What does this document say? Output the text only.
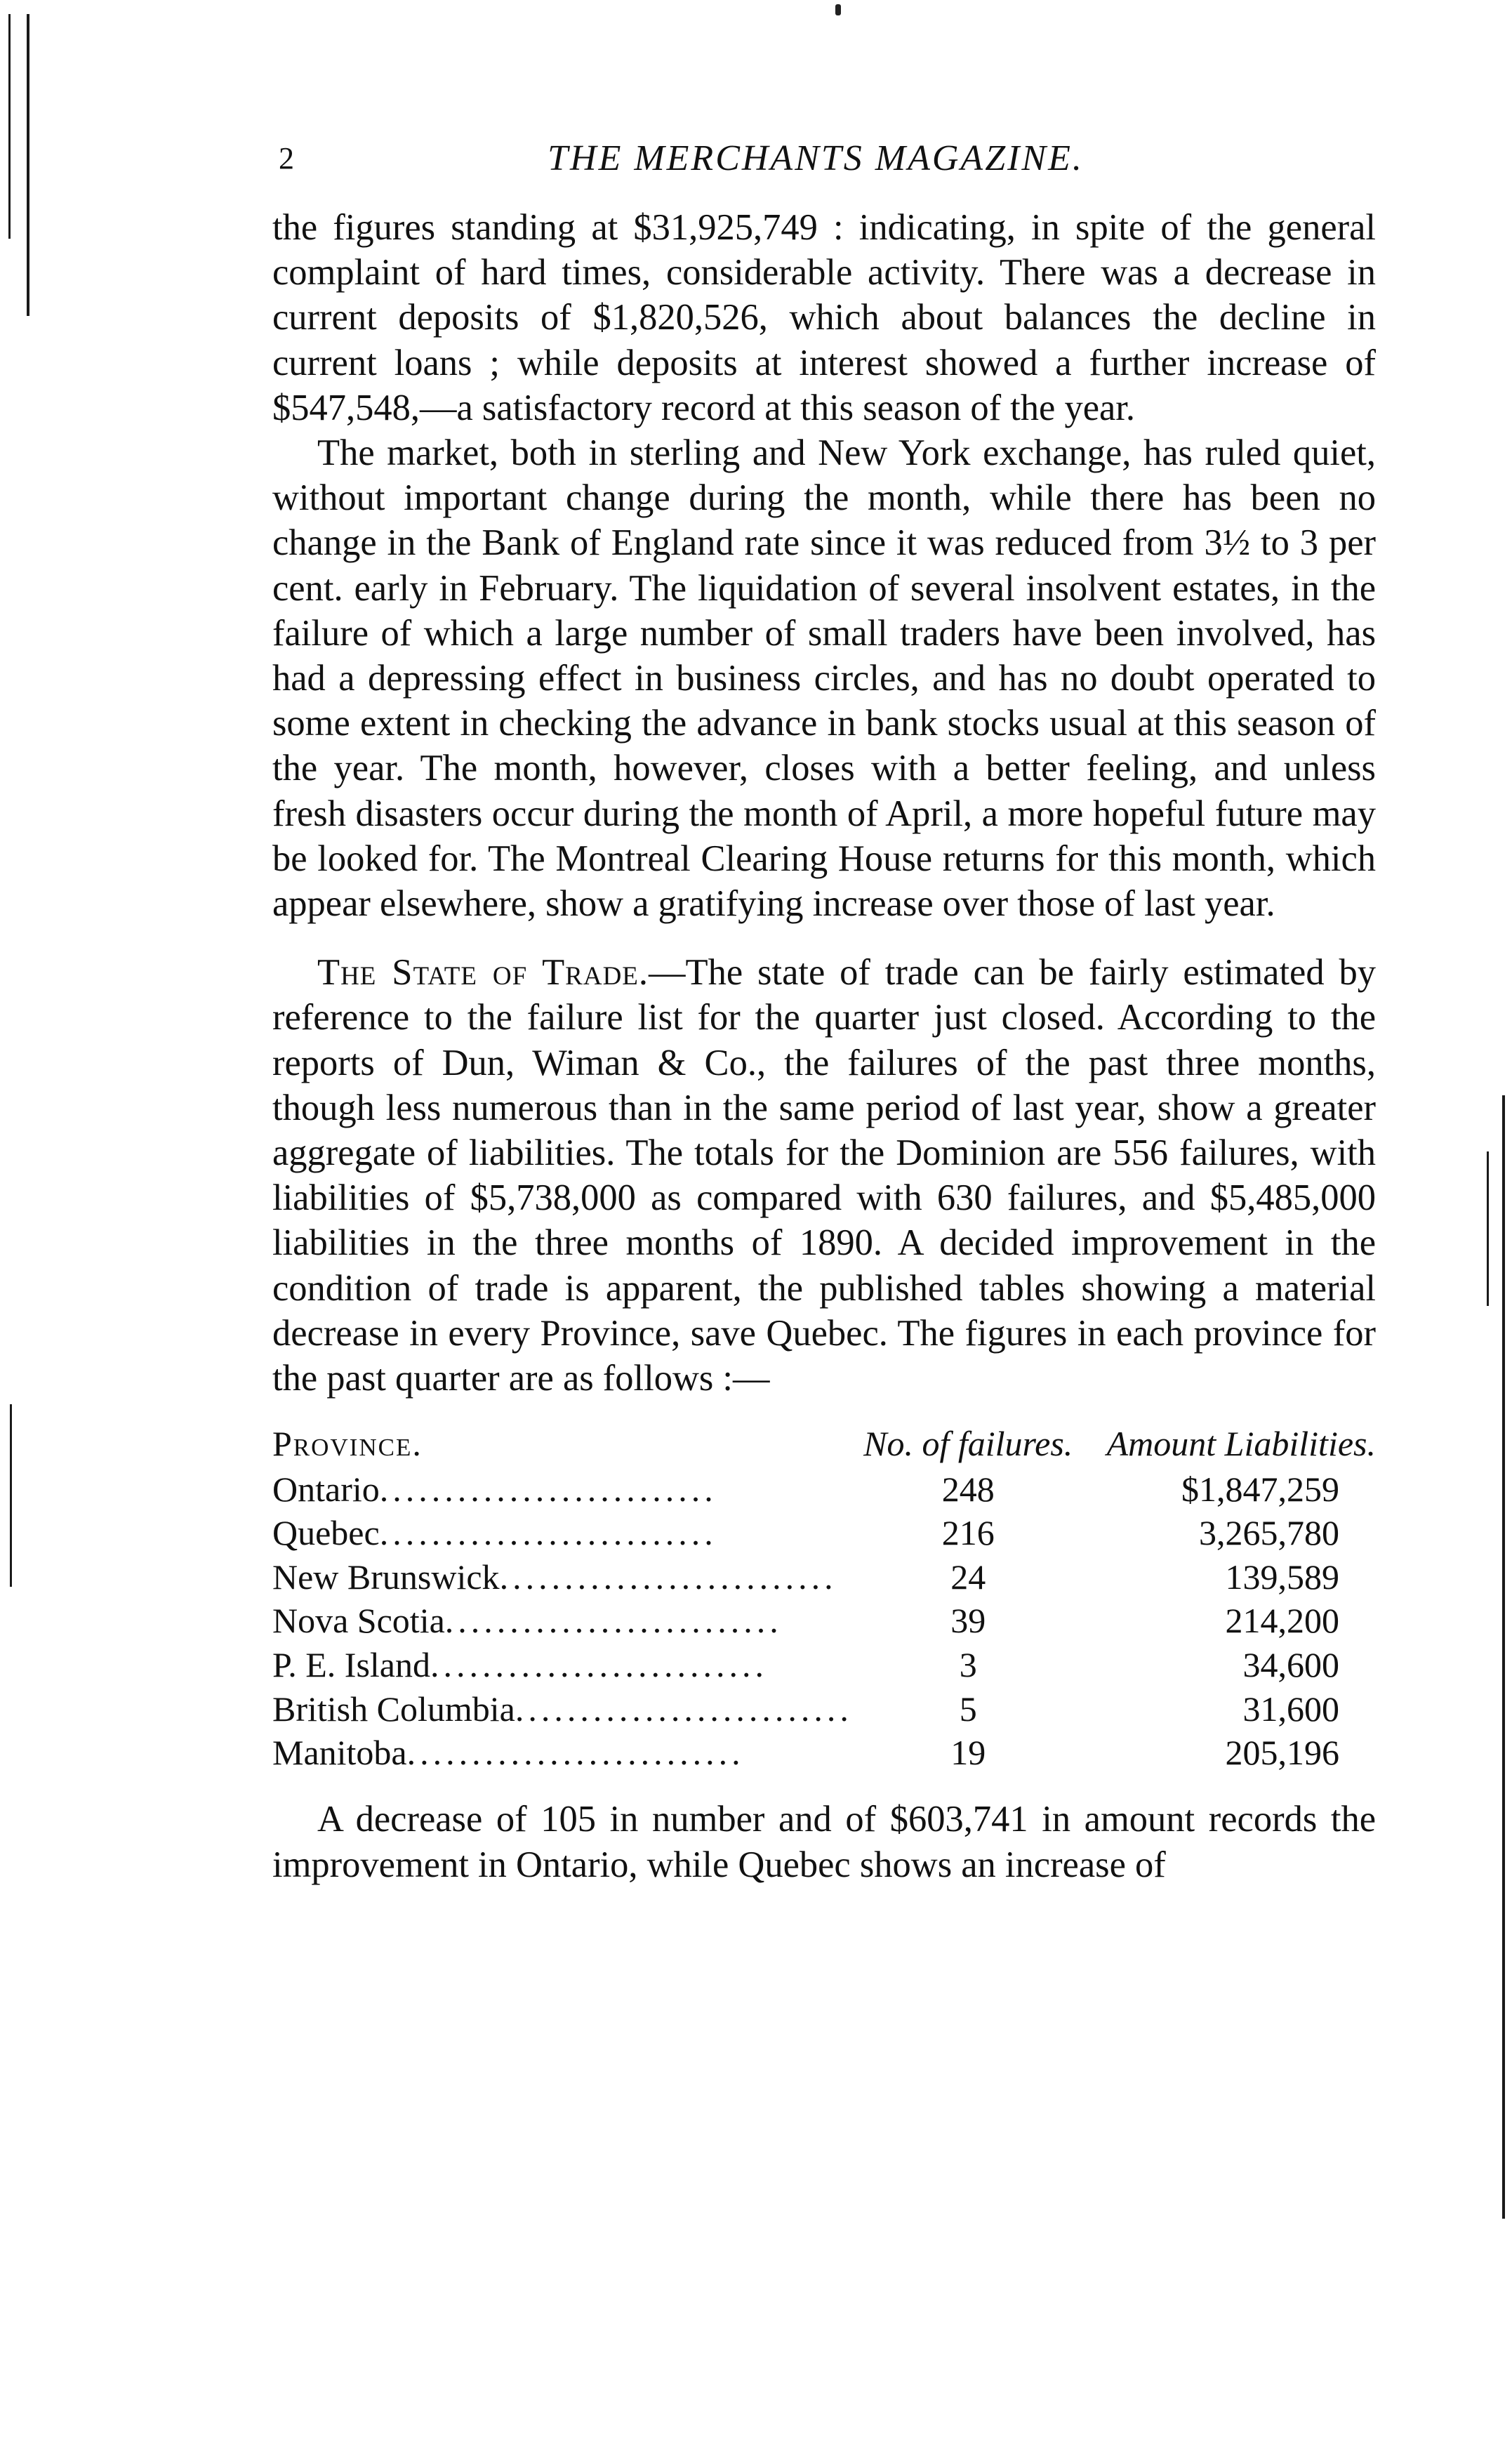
2	THE MERCHANTS MAGAZINE.

the figures standing at $31,925,749 : indicating, in spite of the general complaint of hard times, considerable activity. There was a decrease in current deposits of $1,820,526, which about balances the decline in current loans ; while deposits at interest showed a further increase of $547,548,—a satisfactory record at this season of the year.

The market, both in sterling and New York exchange, has ruled quiet, without important change during the month, while there has been no change in the Bank of England rate since it was reduced from 3½ to 3 per cent. early in February. The liquidation of several insolvent estates, in the failure of which a large number of small traders have been involved, has had a depressing effect in business circles, and has no doubt operated to some extent in checking the advance in bank stocks usual at this season of the year. The month, however, closes with a better feeling, and unless fresh disasters occur during the month of April, a more hopeful future may be looked for. The Montreal Clearing House returns for this month, which appear elsewhere, show a gratifying increase over those of last year.

The State of Trade.—The state of trade can be fairly estimated by reference to the failure list for the quarter just closed. According to the reports of Dun, Wiman & Co., the failures of the past three months, though less numerous than in the same period of last year, show a greater aggregate of liabilities. The totals for the Dominion are 556 failures, with liabilities of $5,738,000 as compared with 630 failures, and $5,485,000 liabilities in the three months of 1890. A decided improvement in the condition of trade is apparent, the published tables showing a material decrease in every Province, save Quebec. The figures in each province for the past quarter are as follows :—

Province.	No. of failures.	Amount Liabilities.
Ontario..........................	248	$1,847,259
Quebec..........................	216	3,265,780
New Brunswick..........................	24	139,589
Nova Scotia..........................	39	214,200
P. E. Island..........................	3	34,600
British Columbia..........................	5	31,600
Manitoba..........................	19	205,196

A decrease of 105 in number and of $603,741 in amount records the improvement in Ontario, while Quebec shows an increase of
